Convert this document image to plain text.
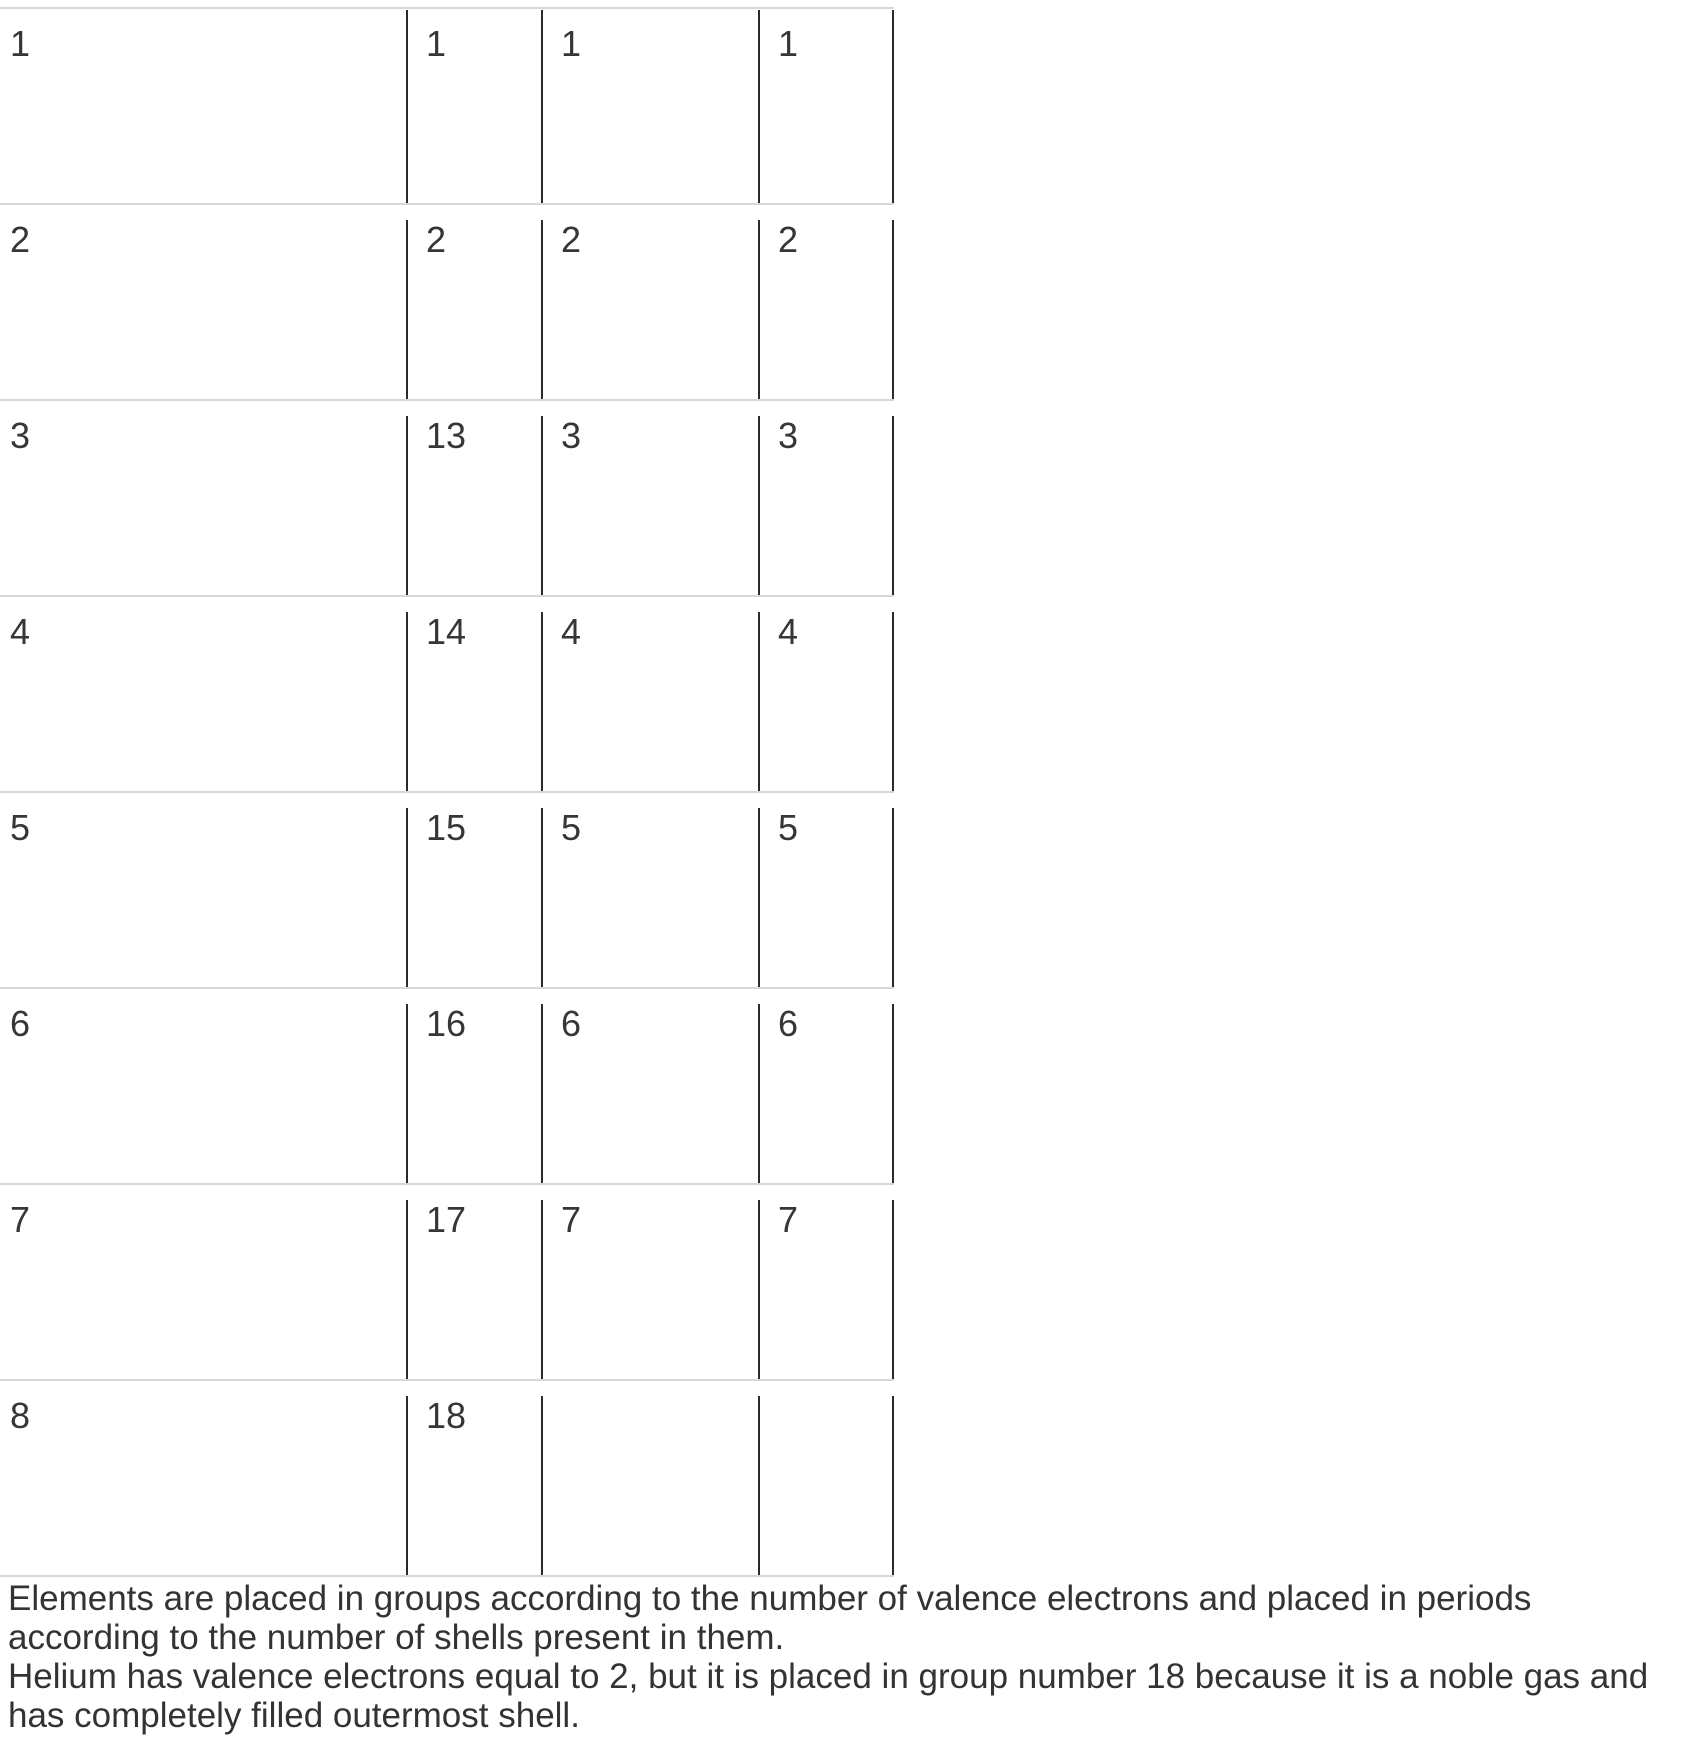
1	1	1	1
2	2	2	2
3	13	3	3
4	14	4	4
5	15	5	5
6	16	6	6
7	17	7	7
8	18

Elements are placed in groups according to the number of valence electrons and placed in periods according to the number of shells present in them.

Helium has valence electrons equal to 2, but it is placed in group number 18 because it is a noble gas and has completely filled outermost shell.
